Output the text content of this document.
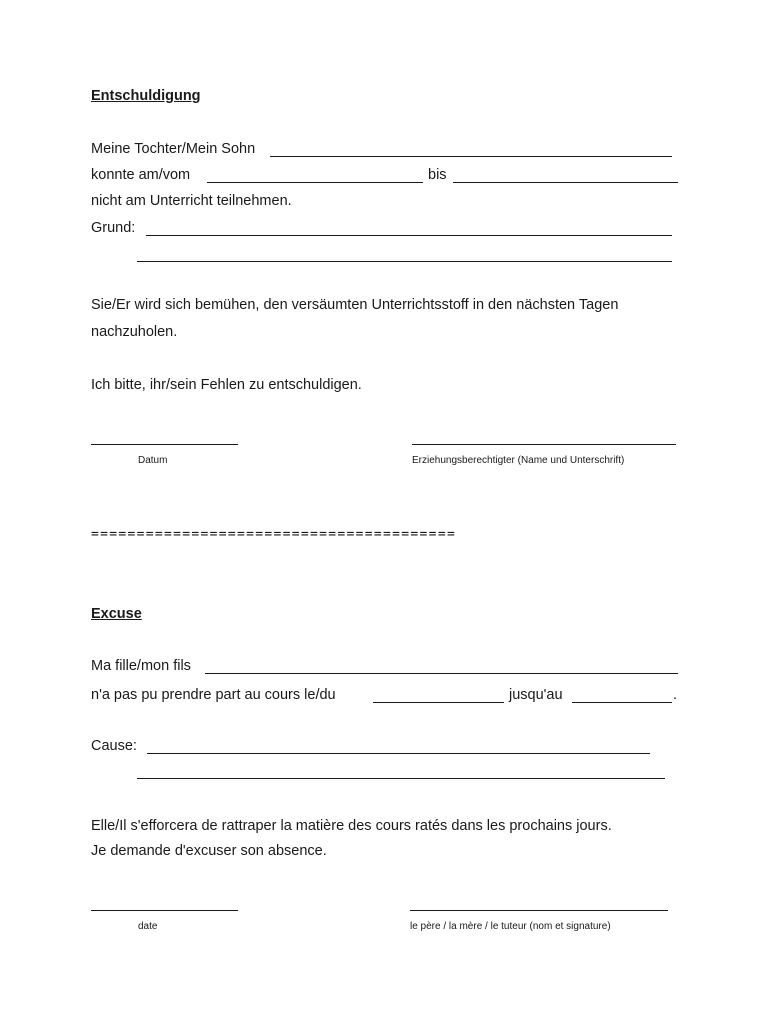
Entschuldigung
Meine Tochter/Mein Sohn
konnte am/vom	bis
nicht am Unterricht teilnehmen.
Grund:
Sie/Er wird sich bemühen, den versäumten Unterrichtsstoff in den nächsten Tagen
nachzuholen.
Ich bitte, ihr/sein Fehlen zu entschuldigen.
Datum	Erziehungsberechtigter (Name und Unterschrift)
========================================
Excuse
Ma fille/mon fils
n'a pas pu prendre part au cours le/du	jusqu'au	.
Cause:
Elle/Il s'efforcera de rattraper la matière des cours ratés dans les prochains jours.
Je demande d'excuser son absence.
date	le père / la mère / le tuteur (nom et signature)
